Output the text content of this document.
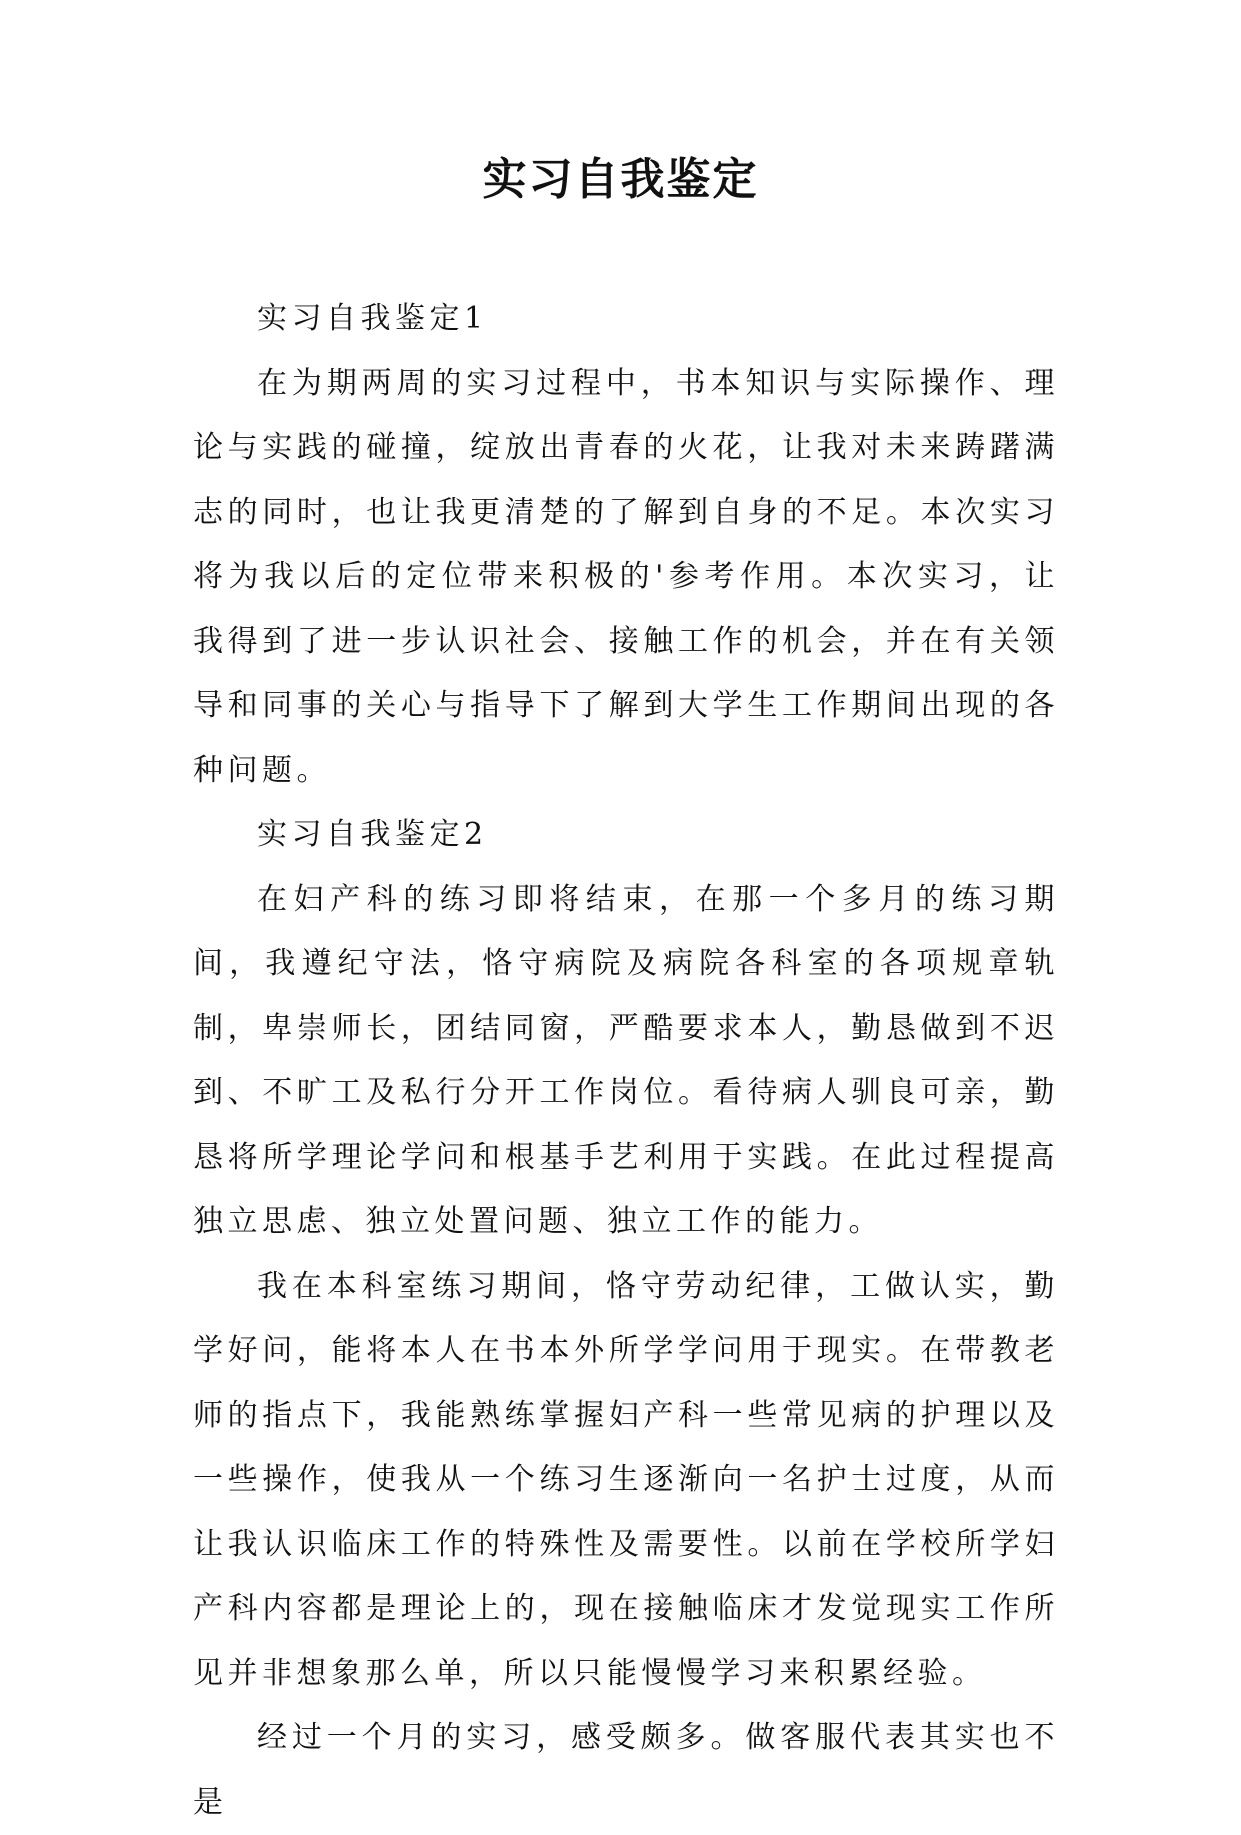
实习自我鉴定

实习自我鉴定1

在为期两周的实习过程中，书本知识与实际操作、理论与实践的碰撞，绽放出青春的火花，让我对未来踌躇满志的同时，也让我更清楚的了解到自身的不足。本次实习将为我以后的定位带来积极的'参考作用。本次实习，让我得到了进一步认识社会、接触工作的机会，并在有关领导和同事的关心与指导下了解到大学生工作期间出现的各种问题。

实习自我鉴定2

在妇产科的练习即将结束，在那一个多月的练习期间，我遵纪守法，恪守病院及病院各科室的各项规章轨制，卑崇师长，团结同窗，严酷要求本人，勤恳做到不迟到、不旷工及私行分开工作岗位。看待病人驯良可亲，勤恳将所学理论学问和根基手艺利用于实践。在此过程提高独立思虑、独立处置问题、独立工作的能力。

我在本科室练习期间，恪守劳动纪律，工做认实，勤学好问，能将本人在书本外所学学问用于现实。在带教老师的指点下，我能熟练掌握妇产科一些常见病的护理以及一些操作，使我从一个练习生逐渐向一名护士过度，从而让我认识临床工作的特殊性及需要性。以前在学校所学妇产科内容都是理论上的，现在接触临床才发觉现实工作所见并非想象那么单，所以只能慢慢学习来积累经验。

经过一个月的实习，感受颇多。做客服代表其实也不是
